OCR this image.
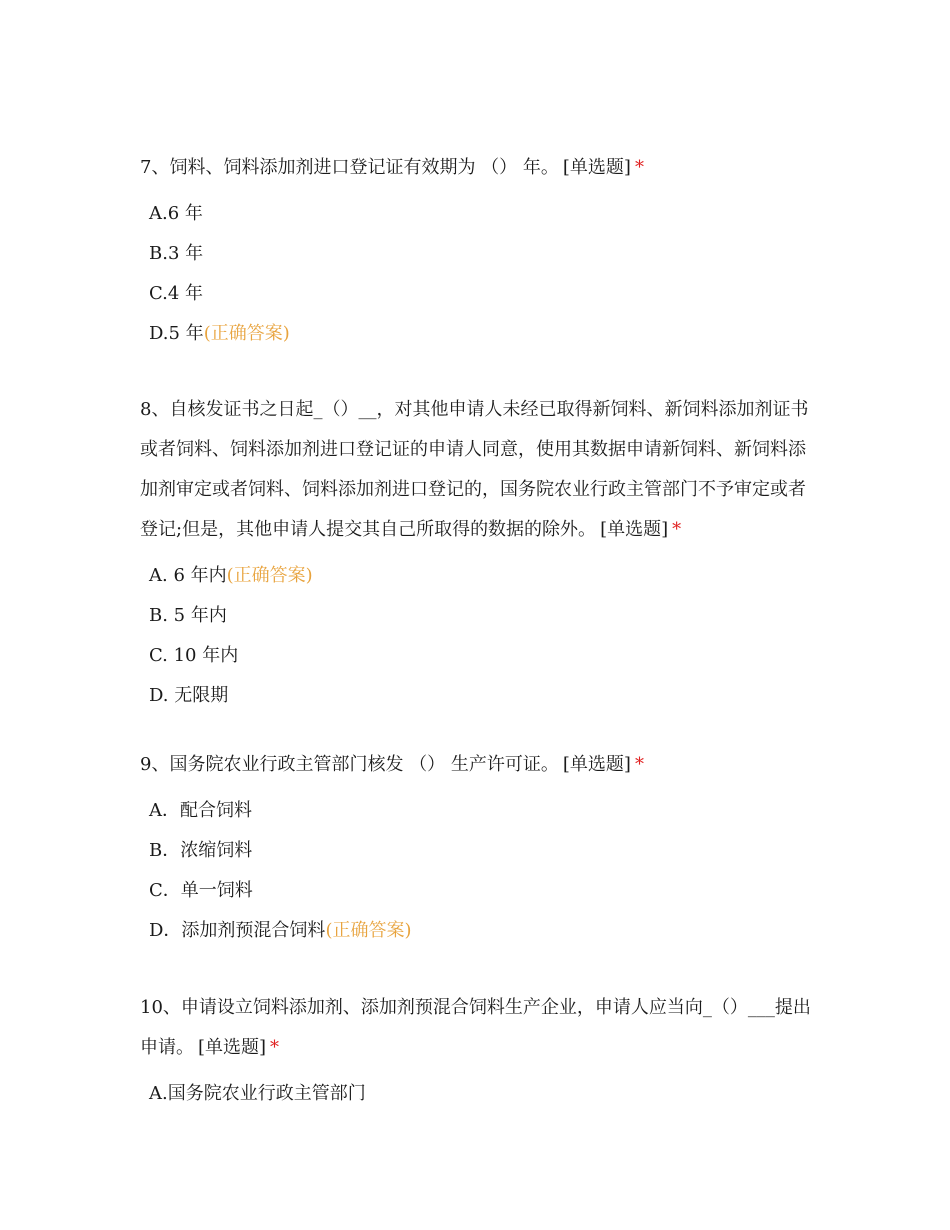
7、饲料、饲料添加剂进口登记证有效期为 （） 年。 [单选题] *

A.6 年
B.3 年
C.4 年
D.5 年(正确答案)

8、自核发证书之日起_（）__，对其他申请人未经已取得新饲料、新饲料添加剂证书或者饲料、饲料添加剂进口登记证的申请人同意，使用其数据申请新饲料、新饲料添加剂审定或者饲料、饲料添加剂进口登记的，国务院农业行政主管部门不予审定或者登记;但是，其他申请人提交其自己所取得的数据的除外。 [单选题] *

A. 6 年内(正确答案)
B. 5 年内
C. 10 年内
D. 无限期

9、国务院农业行政主管部门核发 （） 生产许可证。 [单选题] *

A．配合饲料
B．浓缩饲料
C．单一饲料
D．添加剂预混合饲料(正确答案)

10、申请设立饲料添加剂、添加剂预混合饲料生产企业，申请人应当向_（）___提出申请。 [单选题] *

A.国务院农业行政主管部门
